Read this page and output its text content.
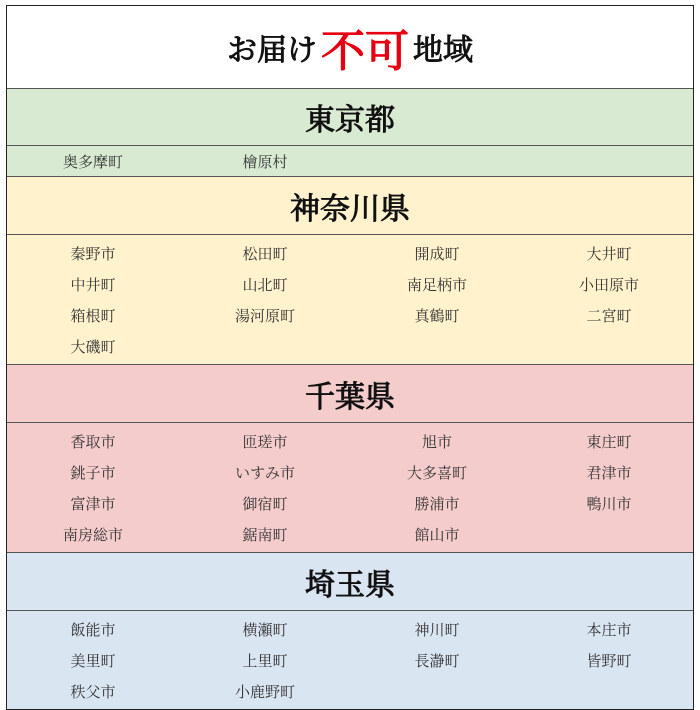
お届け 不可 地域
東京都
奥多摩町	檜原村
神奈川県
秦野市	松田町	開成町	大井町
中井町	山北町	南足柄市	小田原市
箱根町	湯河原町	真鶴町	二宮町
大磯町
千葉県
香取市	匝瑳市	旭市	東庄町
銚子市	いすみ市	大多喜町	君津市
富津市	御宿町	勝浦市	鴨川市
南房総市	鋸南町	館山市
埼玉県
飯能市	横瀬町	神川町	本庄市
美里町	上里町	長瀞町	皆野町
秩父市	小鹿野町
